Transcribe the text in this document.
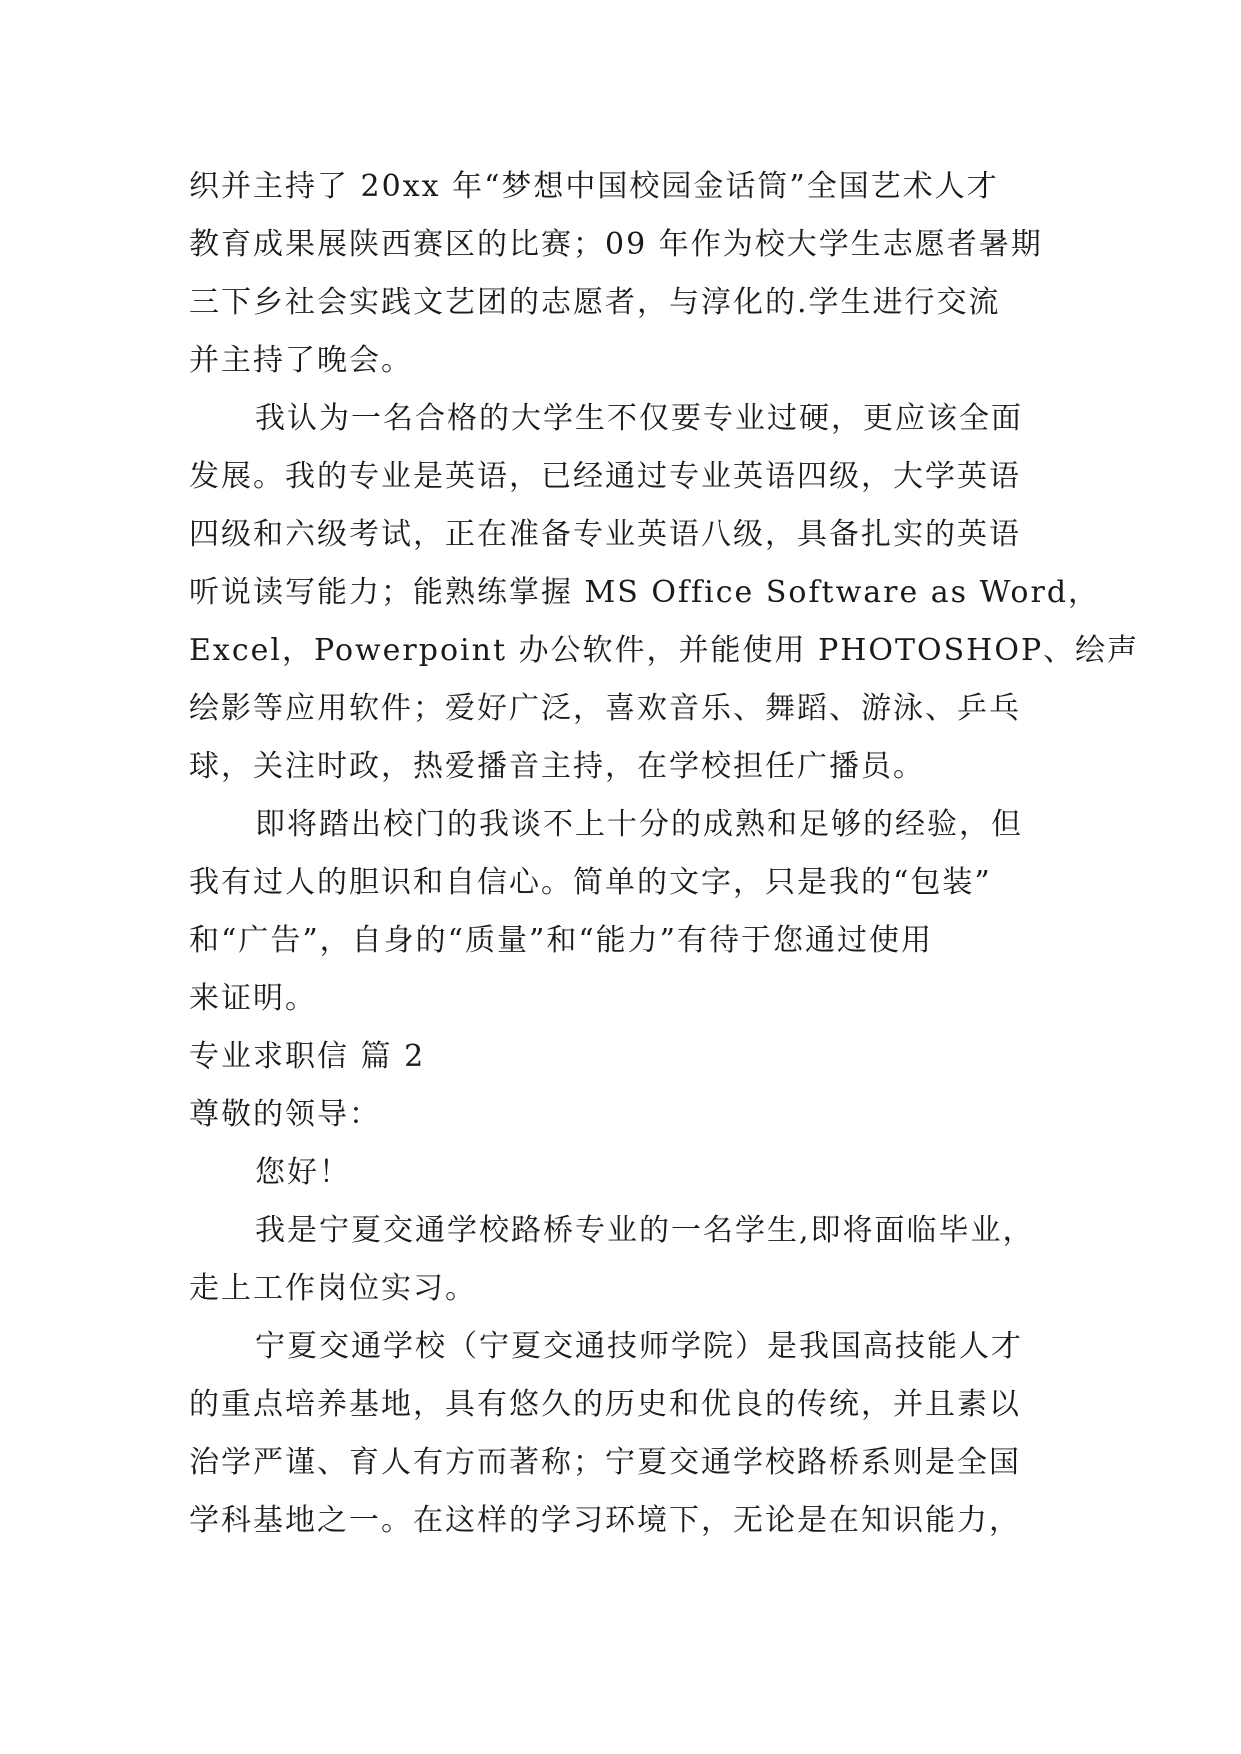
织并主持了 20xx 年“梦想中国校园金话筒”全国艺术人才
教育成果展陕西赛区的比赛；09 年作为校大学生志愿者暑期
三下乡社会实践文艺团的志愿者，与淳化的.学生进行交流
并主持了晚会。
我认为一名合格的大学生不仅要专业过硬，更应该全面
发展。我的专业是英语，已经通过专业英语四级，大学英语
四级和六级考试，正在准备专业英语八级，具备扎实的英语
听说读写能力；能熟练掌握 MS Office Software as Word，
Excel，Powerpoint 办公软件，并能使用 PHOTOSHOP、绘声
绘影等应用软件；爱好广泛，喜欢音乐、舞蹈、游泳、乒乓
球，关注时政，热爱播音主持，在学校担任广播员。
即将踏出校门的我谈不上十分的成熟和足够的经验，但
我有过人的胆识和自信心。简单的文字，只是我的“包装”
和“广告”，自身的“质量”和“能力”有待于您通过使用
来证明。
专业求职信 篇 2
尊敬的领导：
您好！
我是宁夏交通学校路桥专业的一名学生,即将面临毕业，
走上工作岗位实习。
宁夏交通学校（宁夏交通技师学院）是我国高技能人才
的重点培养基地，具有悠久的历史和优良的传统，并且素以
治学严谨、育人有方而著称；宁夏交通学校路桥系则是全国
学科基地之一。在这样的学习环境下，无论是在知识能力，
